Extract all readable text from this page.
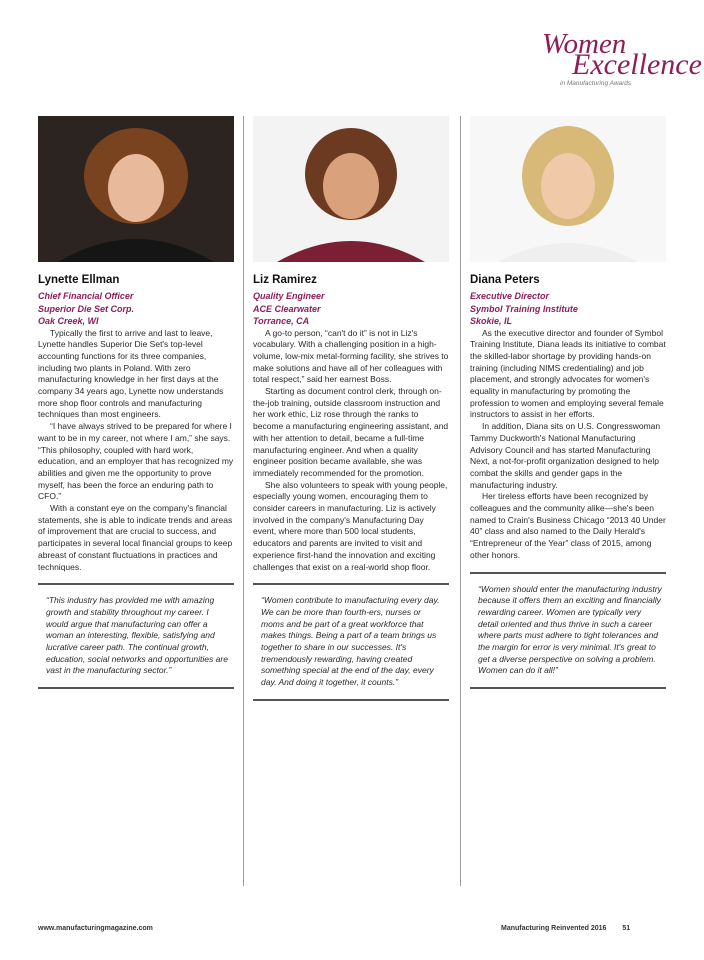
Women
Excellence
in Manufacturing Awards
Lynette Ellman
Chief Financial Officer
Superior Die Set Corp.
Oak Creek, WI

Typically the first to arrive and last to leave, Lynette handles Superior Die Set's top-level accounting functions for its three companies, including two plants in Poland. With zero manufacturing knowledge in her first days at the company 34 years ago, Lynette now understands more shop floor controls and manufacturing techniques than most engineers.

“I have always strived to be prepared for where I want to be in my career, not where I am,” she says. “This philosophy, coupled with hard work, education, and an employer that has recognized my abilities and given me the opportunity to prove myself, has been the force an enduring path to CFO.”

With a constant eye on the company's financial statements, she is able to indicate trends and areas of improvement that are crucial to success, and participates in several local financial groups to keep abreast of constant fluctuations in practices and techniques.

“This industry has provided me with amazing growth and stability throughout my career. I would argue that manufacturing can offer a woman an interesting, flexible, satisfying and lucrative career path. The continual growth, education, social networks and opportunities are vast in the manufacturing sector.”

Liz Ramirez
Quality Engineer
ACE Clearwater
Torrance, CA

A go-to person, “can't do it” is not in Liz's vocabulary. With a challenging position in a high-volume, low-mix metal-forming facility, she strives to make solutions and have all of her colleagues with total respect,” said her earnest Boss.

Starting as document control clerk, through on-the-job training, outside classroom instruction and her work ethic, Liz rose through the ranks to become a manufacturing engineering assistant, and with her attention to detail, became a full-time manufacturing engineer. And when a quality engineer position became available, she was immediately recommended for the promotion.

She also volunteers to speak with young people, especially young women, encouraging them to consider careers in manufacturing. Liz is actively involved in the company's Manufacturing Day event, where more than 500 local students, educators and parents are invited to visit and experience first-hand the innovation and exciting challenges that exist on a real-world shop floor.

“Women contribute to manufacturing every day. We can be more than fourth-ers, nurses or moms and be part of a great workforce that makes things. Being a part of a team brings us together to share in our successes. It's tremendously rewarding, having created something special at the end of the day, every day. And doing it together, it counts.”

Diana Peters
Executive Director
Symbol Training Institute
Skokie, IL

As the executive director and founder of Symbol Training Institute, Diana leads its initiative to combat the skilled-labor shortage by providing hands-on training (including NIMS credentialing) and job placement, and strongly advocates for women's equality in manufacturing by promoting the profession to women and employing several female instructors to assist in her efforts.

In addition, Diana sits on U.S. Congresswoman Tammy Duckworth's National Manufacturing Advisory Council and has started Manufacturing Next, a not-for-profit organization designed to help combat the skills and gender gaps in the manufacturing industry.

Her tireless efforts have been recognized by colleagues and the community alike—she's been named to Crain's Business Chicago “2013 40 Under 40” class and also named to the Daily Herald's “Entrepreneur of the Year” class of 2015, among other honors.

“Women should enter the manufacturing industry because it offers them an exciting and financially rewarding career. Women are typically very detail oriented and thus thrive in such a career where parts must adhere to tight tolerances and the margin for error is very minimal. It's great to get a diverse perspective on solving a problem. Women can do it all!”

www.manufacturingmagazine.com	Manufacturing Reinvented 2016 51
